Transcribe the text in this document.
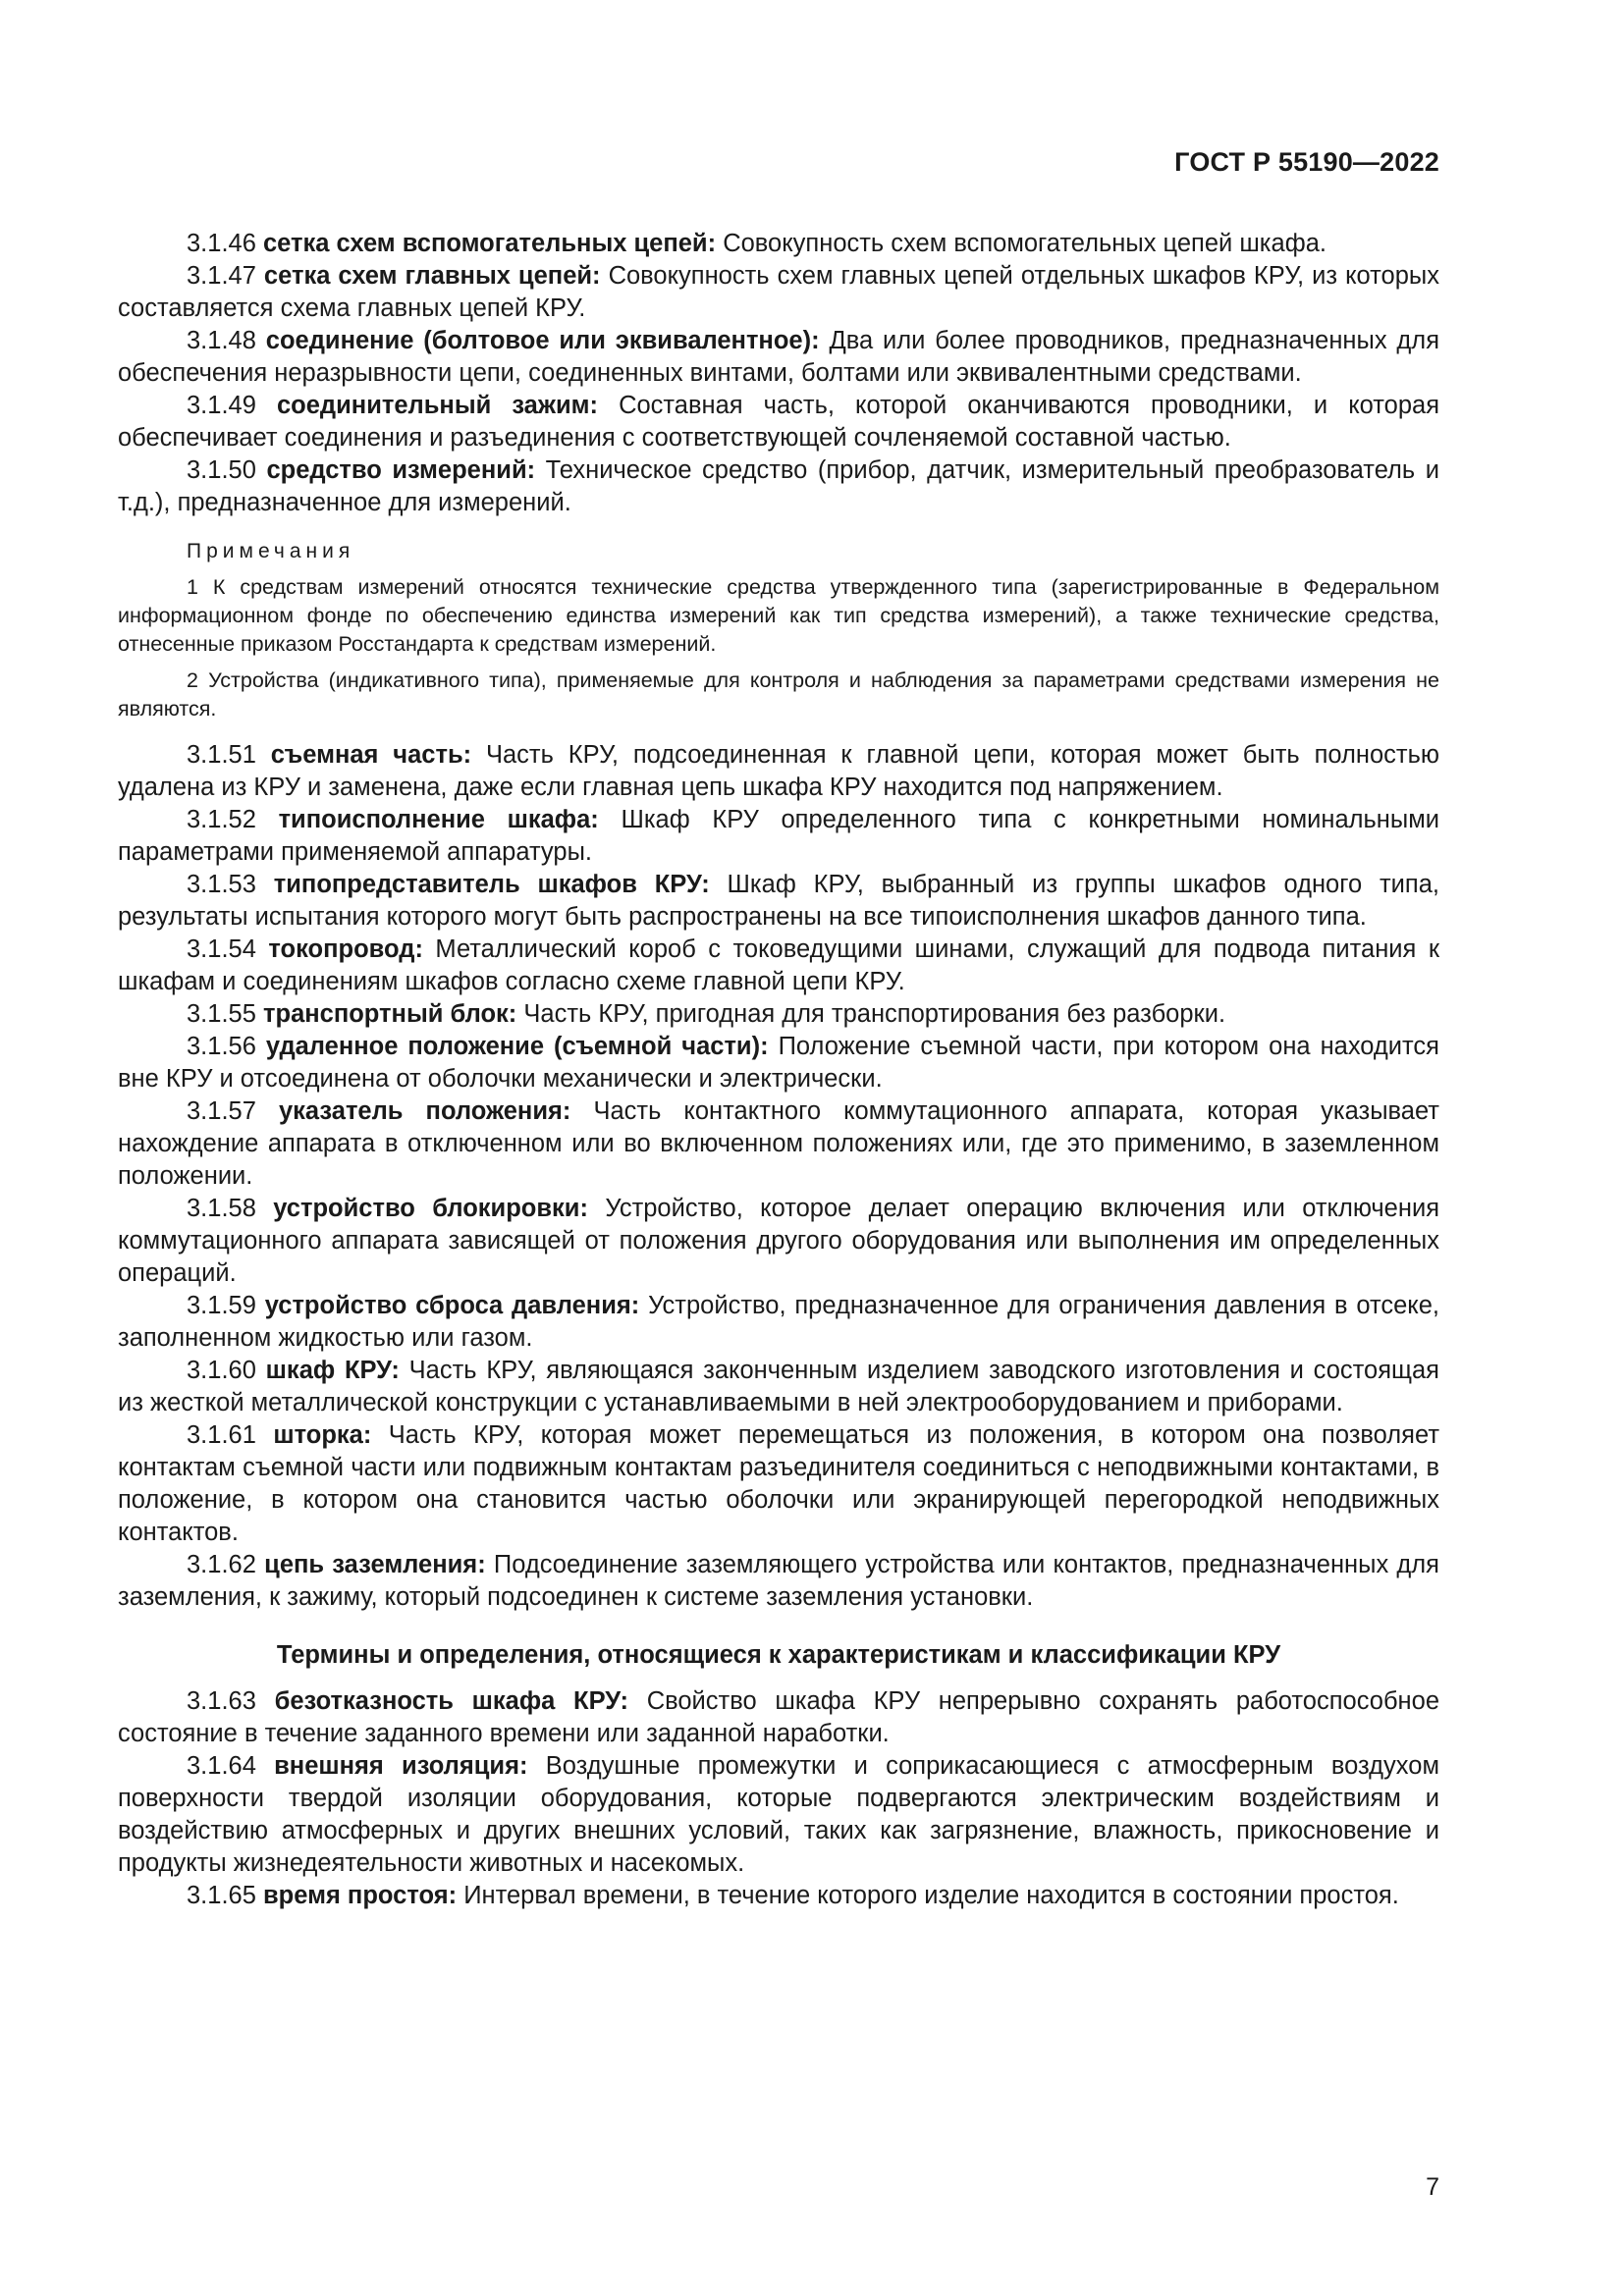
ГОСТ Р 55190—2022

3.1.46 сетка схем вспомогательных цепей: Совокупность схем вспомогательных цепей шкафа.

3.1.47 сетка схем главных цепей: Совокупность схем главных цепей отдельных шкафов КРУ, из которых составляется схема главных цепей КРУ.

3.1.48 соединение (болтовое или эквивалентное): Два или более проводников, предназначенных для обеспечения неразрывности цепи, соединенных винтами, болтами или эквивалентными средствами.

3.1.49 соединительный зажим: Составная часть, которой оканчиваются проводники, и которая обеспечивает соединения и разъединения с соответствующей сочленяемой составной частью.

3.1.50 средство измерений: Техническое средство (прибор, датчик, измерительный преобразователь и т.д.), предназначенное для измерений.

Примечания

1 К средствам измерений относятся технические средства утвержденного типа (зарегистрированные в Федеральном информационном фонде по обеспечению единства измерений как тип средства измерений), а также технические средства, отнесенные приказом Росстандарта к средствам измерений.

2 Устройства (индикативного типа), применяемые для контроля и наблюдения за параметрами средствами измерения не являются.

3.1.51 съемная часть: Часть КРУ, подсоединенная к главной цепи, которая может быть полностью удалена из КРУ и заменена, даже если главная цепь шкафа КРУ находится под напряжением.

3.1.52 типоисполнение шкафа: Шкаф КРУ определенного типа с конкретными номинальными параметрами применяемой аппаратуры.

3.1.53 типопредставитель шкафов КРУ: Шкаф КРУ, выбранный из группы шкафов одного типа, результаты испытания которого могут быть распространены на все типоисполнения шкафов данного типа.

3.1.54 токопровод: Металлический короб с токоведущими шинами, служащий для подвода питания к шкафам и соединениям шкафов согласно схеме главной цепи КРУ.

3.1.55 транспортный блок: Часть КРУ, пригодная для транспортирования без разборки.

3.1.56 удаленное положение (съемной части): Положение съемной части, при котором она находится вне КРУ и отсоединена от оболочки механически и электрически.

3.1.57 указатель положения: Часть контактного коммутационного аппарата, которая указывает нахождение аппарата в отключенном или во включенном положениях или, где это применимо, в заземленном положении.

3.1.58 устройство блокировки: Устройство, которое делает операцию включения или отключения коммутационного аппарата зависящей от положения другого оборудования или выполнения им определенных операций.

3.1.59 устройство сброса давления: Устройство, предназначенное для ограничения давления в отсеке, заполненном жидкостью или газом.

3.1.60 шкаф КРУ: Часть КРУ, являющаяся законченным изделием заводского изготовления и состоящая из жесткой металлической конструкции с устанавливаемыми в ней электрооборудованием и приборами.

3.1.61 шторка: Часть КРУ, которая может перемещаться из положения, в котором она позволяет контактам съемной части или подвижным контактам разъединителя соединиться с неподвижными контактами, в положение, в котором она становится частью оболочки или экранирующей перегородкой неподвижных контактов.

3.1.62 цепь заземления: Подсоединение заземляющего устройства или контактов, предназначенных для заземления, к зажиму, который подсоединен к системе заземления установки.

Термины и определения, относящиеся к характеристикам и классификации КРУ

3.1.63 безотказность шкафа КРУ: Свойство шкафа КРУ непрерывно сохранять работоспособное состояние в течение заданного времени или заданной наработки.

3.1.64 внешняя изоляция: Воздушные промежутки и соприкасающиеся с атмосферным воздухом поверхности твердой изоляции оборудования, которые подвергаются электрическим воздействиям и воздействию атмосферных и других внешних условий, таких как загрязнение, влажность, прикосновение и продукты жизнедеятельности животных и насекомых.

3.1.65 время простоя: Интервал времени, в течение которого изделие находится в состоянии простоя.

7
